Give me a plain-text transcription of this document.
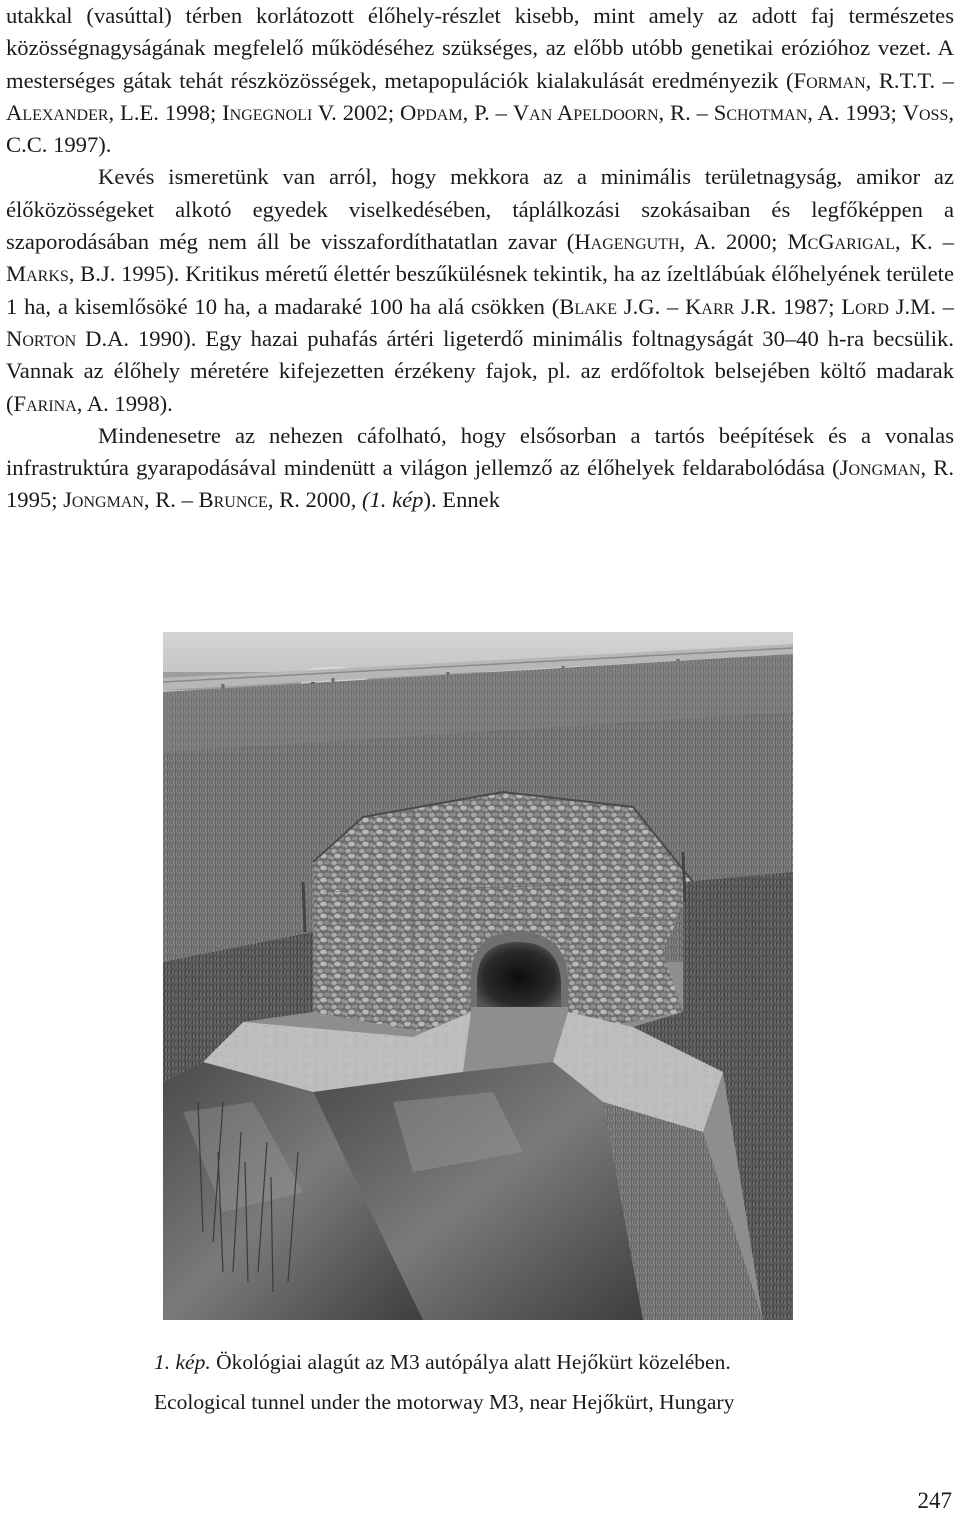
utakkal (vasúttal) térben korlátozott élőhely-részlet kisebb, mint amely az adott faj természetes közösségnagyságának megfelelő működéséhez szükséges, az előbb utóbb genetikai erózióhoz vezet. A mesterséges gátak tehát részközösségek, metapopulációk kialakulását eredményezik (Forman, R.T.T. – Alexander, L.E. 1998; Ingegnoli V. 2002; Opdam, P. – Van Apeldoorn, R. – Schotman, A. 1993; Voss, C.C. 1997).

Kevés ismeretünk van arról, hogy mekkora az a minimális területnagyság, amikor az élőközösségeket alkotó egyedek viselkedésében, táplálkozási szokásaiban és legfőképpen a szaporodásában még nem áll be visszafordíthatatlan zavar (Hagenguth, A. 2000; McGarigal, K. – Marks, B.J. 1995). Kritikus méretű élettér beszűkülésnek tekintik, ha az ízeltlábúak élőhelyének területe 1 ha, a kisemlősöké 10 ha, a madaraké 100 ha alá csökken (Blake J.G. – Karr J.R. 1987; Lord J.M. – Norton D.A. 1990). Egy hazai puhafás ártéri ligeterdő minimális foltnagyságát 30–40 h-ra becsülik. Vannak az élőhely méretére kifejezetten érzékeny fajok, pl. az erdőfoltok belsejében költő madarak (Farina, A. 1998).

Mindenesetre az nehezen cáfolható, hogy elsősorban a tartós beépítések és a vonalas infrastruktúra gyarapodásával mindenütt a világon jellemző az élőhelyek feldarabolódása (Jongman, R. 1995; Jongman, R. – Brunce, R. 2000, (1. kép). Ennek

1. kép. Ökológiai alagút az M3 autópálya alatt Hejőkürt közelében.
Ecological tunnel under the motorway M3, near Hejőkürt, Hungary
247
